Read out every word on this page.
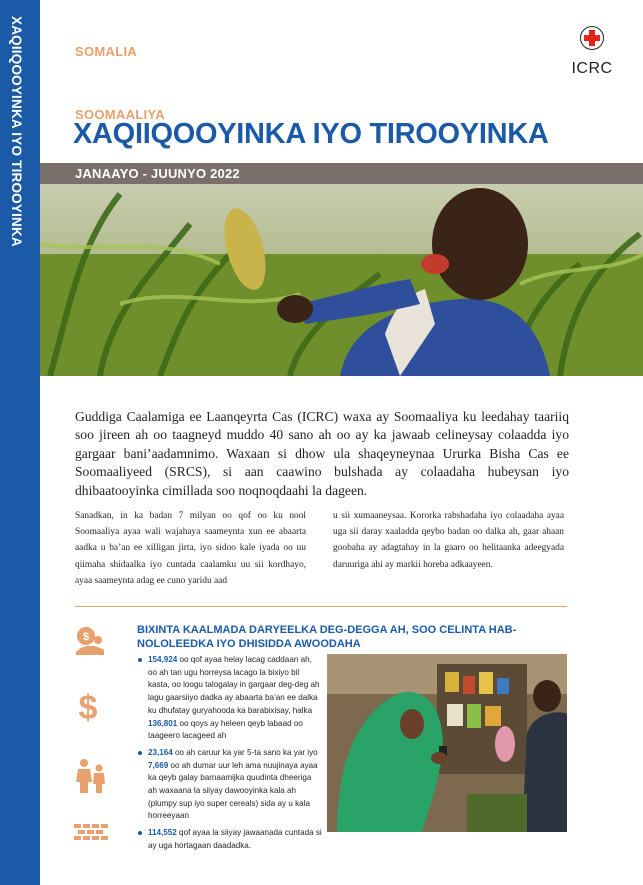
XAQIIQOOYINKA IYO TIROOYINKA	SOMALIA
ICRC
SOOMAALIYA
XAQIIQOOYINKA IYO TIROOYINKA
JANAAYO - JUUNYO 2022
Guddiga Caalamiga ee Laanqeyrta Cas (ICRC) waxa ay Soomaaliya ku leedahay taariiq soo jireen ah oo taagneyd muddo 40 sano ah oo ay ka jawaab celineysay colaadda iyo gargaar bani’aadamnimo. Waxaan si dhow ula shaqeyneynaa Ururka Bisha Cas ee Soomaaliyeed (SRCS), si aan caawino bulshada ay colaadaha hubeysan iyo dhibaatooyinka cimillada soo noqnoqdaahi la dageen.
Sanadkan, in ka badan 7 milyan oo qof oo ku nool Soomaaliya ayaa wali wajahaya saameynta xun ee abaarta aadka u ba’an ee xilligan jirta, iyo sidoo kale iyada oo uu qiimaha shidaalka iyo cuntada caalamku uu sii kordhayo, ayaa saameynta adag ee cuno yaridu aad
u sii xumaaneysaa. Kororka rabshadaha iyo colaadaha ayaa uga sii daray xaaladda qeybo badan oo dalka ah, gaar ahaan goobaha ay adagtahay in la gaaro oo helitaanka adeegyada daruuriga ahi ay markii horeba adkaayeen.
BIXINTA KAALMADA DARYEELKA DEG-DEGGA AH, SOO CELINTA HAB-NOLOLEEDKA IYO DHISIDDA AWOODAHA
$
$
154,924 oo qof ayaa helay lacag caddaan ah, oo ah tan ugu horreysa lacago la bixiyo bil kasta, oo loogu talogalay in gargaar deg-deg ah lagu gaarsiiyo dadka ay abaarta ba’an ee dalka ku dhufatay guryahooda ka barabixisay, halka 136,801 oo qoys ay heleen qeyb labaad oo taageero lacageed ah
23,164 oo ah caruur ka yar 5-ta sano ka yar iyo 7,669 oo ah dumar uur leh ama nuujinaya ayaa ka qeyb galay barnaamijka quudinta dheeriga ah waxaana la siiyay dawooyinka kala ah (plumpy sup iyo super cereals) sida ay u kala horreeyaan
114,552 qof ayaa la siiyay jawaanada cuntada si ay uga hortagaan daadadka.
